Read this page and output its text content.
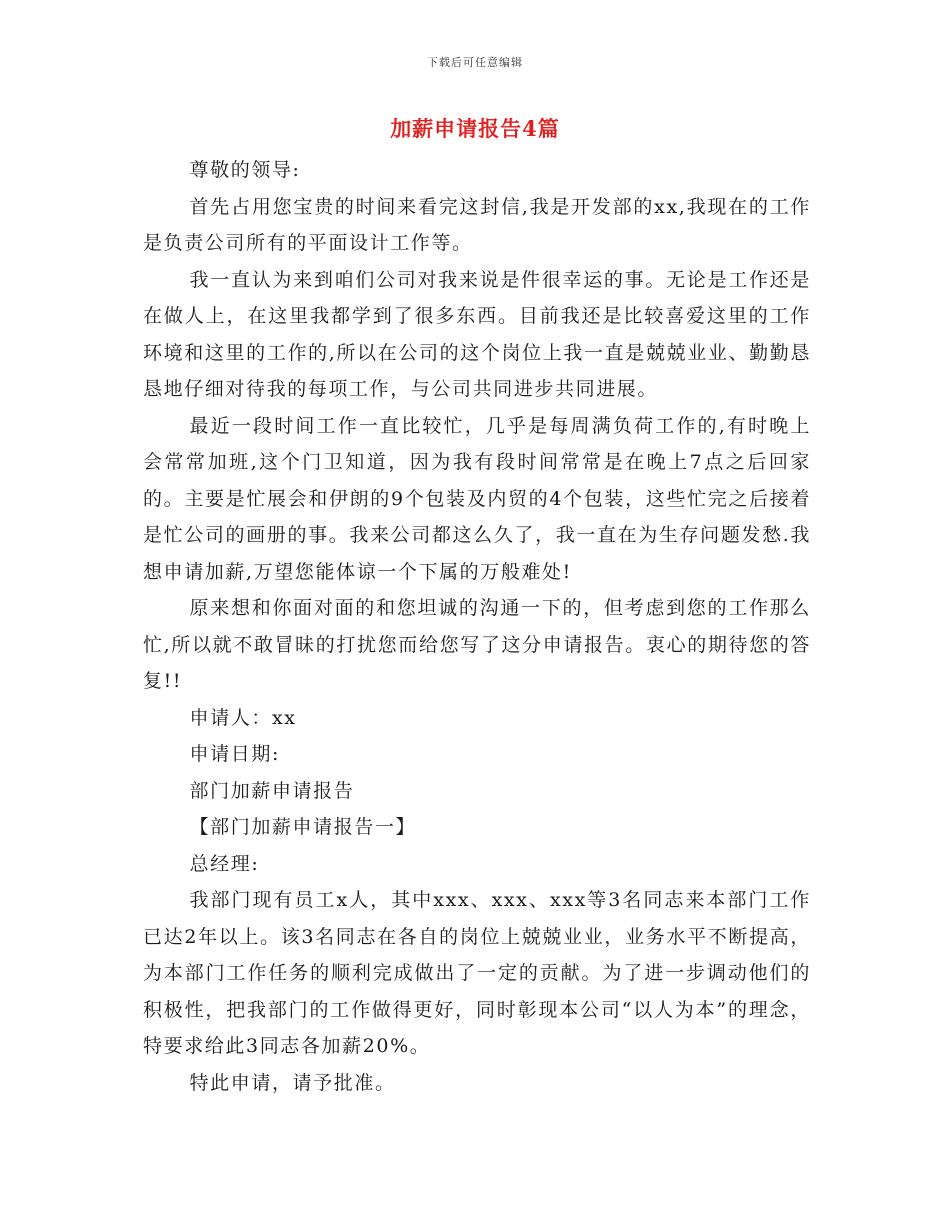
下载后可任意编辑
加薪申请报告4篇

尊敬的领导:

首先占用您宝贵的时间来看完这封信,我是开发部的xx,我现在的工作是负责公司所有的平面设计工作等。

我一直认为来到咱们公司对我来说是件很幸运的事。无论是工作还是在做人上，在这里我都学到了很多东西。目前我还是比较喜爱这里的工作环境和这里的工作的,所以在公司的这个岗位上我一直是兢兢业业、勤勤恳恳地仔细对待我的每项工作，与公司共同进步共同进展。

最近一段时间工作一直比较忙，几乎是每周满负荷工作的,有时晚上会常常加班,这个门卫知道，因为我有段时间常常是在晚上7点之后回家的。主要是忙展会和伊朗的9个包装及内贸的4个包装，这些忙完之后接着是忙公司的画册的事。我来公司都这么久了，我一直在为生存问题发愁.我想申请加薪,万望您能体谅一个下属的万般难处!

原来想和你面对面的和您坦诚的沟通一下的，但考虑到您的工作那么忙,所以就不敢冒昧的打扰您而给您写了这分申请报告。衷心的期待您的答复!!

申请人：xx

申请日期:

部门加薪申请报告

【部门加薪申请报告一】

总经理:

我部门现有员工x人，其中xxx、xxx、xxx等3名同志来本部门工作已达2年以上。该3名同志在各自的岗位上兢兢业业，业务水平不断提高，为本部门工作任务的顺利完成做出了一定的贡献。为了进一步调动他们的积极性，把我部门的工作做得更好，同时彰现本公司“以人为本”的理念，特要求给此3同志各加薪20%。

特此申请，请予批准。
